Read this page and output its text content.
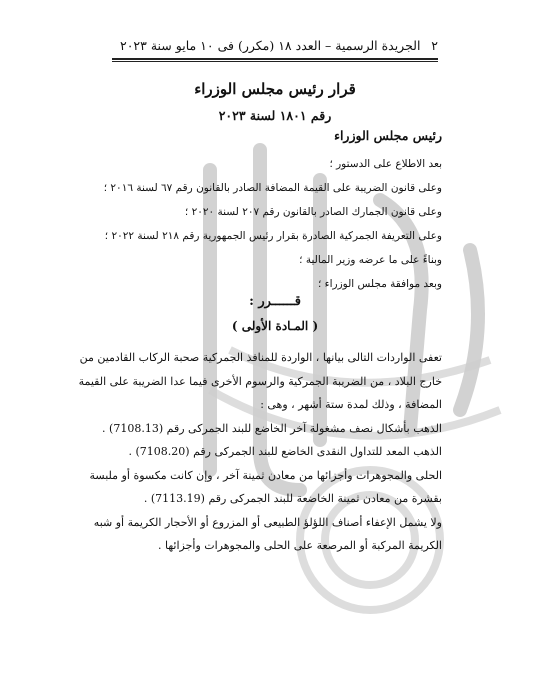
٢
الجريدة الرسمية – العدد ١٨ (مكرر) فى ١٠ مايو سنة ٢٠٢٣
قرار رئيس مجلس الوزراء
رقم ١٨٠١ لسنة ٢٠٢٣
رئيس مجلس الوزراء
بعد الاطلاع على الدستور ؛
وعلى قانون الضريبة على القيمة المضافة الصادر بالقانون رقم ٦٧ لسنة ٢٠١٦ ؛
وعلى قانون الجمارك الصادر بالقانون رقم ٢٠٧ لسنة ٢٠٢٠ ؛
وعلى التعريفة الجمركية الصادرة بقرار رئيس الجمهورية رقم ٢١٨ لسنة ٢٠٢٢ ؛
وبناءً على ما عرضه وزير المالية ؛
وبعد موافقة مجلس الوزراء ؛
قــــــرر :
( المـادة الأولى )
تعفى الواردات التالى بيانها ، الواردة للمنافذ الجمركية صحبة الركاب القادمين من
خارج البلاد ، من الضريبة الجمركية والرسوم الأخرى فيما عدا الضريبة على القيمة
المضافة ، وذلك لمدة ستة أشهر ، وهى :
الذهب بأشكال نصف مشغولة آخر الخاضع للبند الجمركى رقم (7108.13) .
الذهب المعد للتداول النقدى الخاضع للبند الجمركى رقم (7108.20) .
الحلى والمجوهرات وأجزائها من معادن ثمينة آخر ، وإن كانت مكسوة أو ملبسة
بقشرة من معادن ثمينة الخاضعة للبند الجمركى رقم (7113.19) .
ولا يشمل الإعفاء أصناف اللؤلؤ الطبيعى أو المزروع أو الأحجار الكريمة أو شبه
الكريمة المركبة أو المرصعة على الحلى والمجوهرات وأجزائها .
